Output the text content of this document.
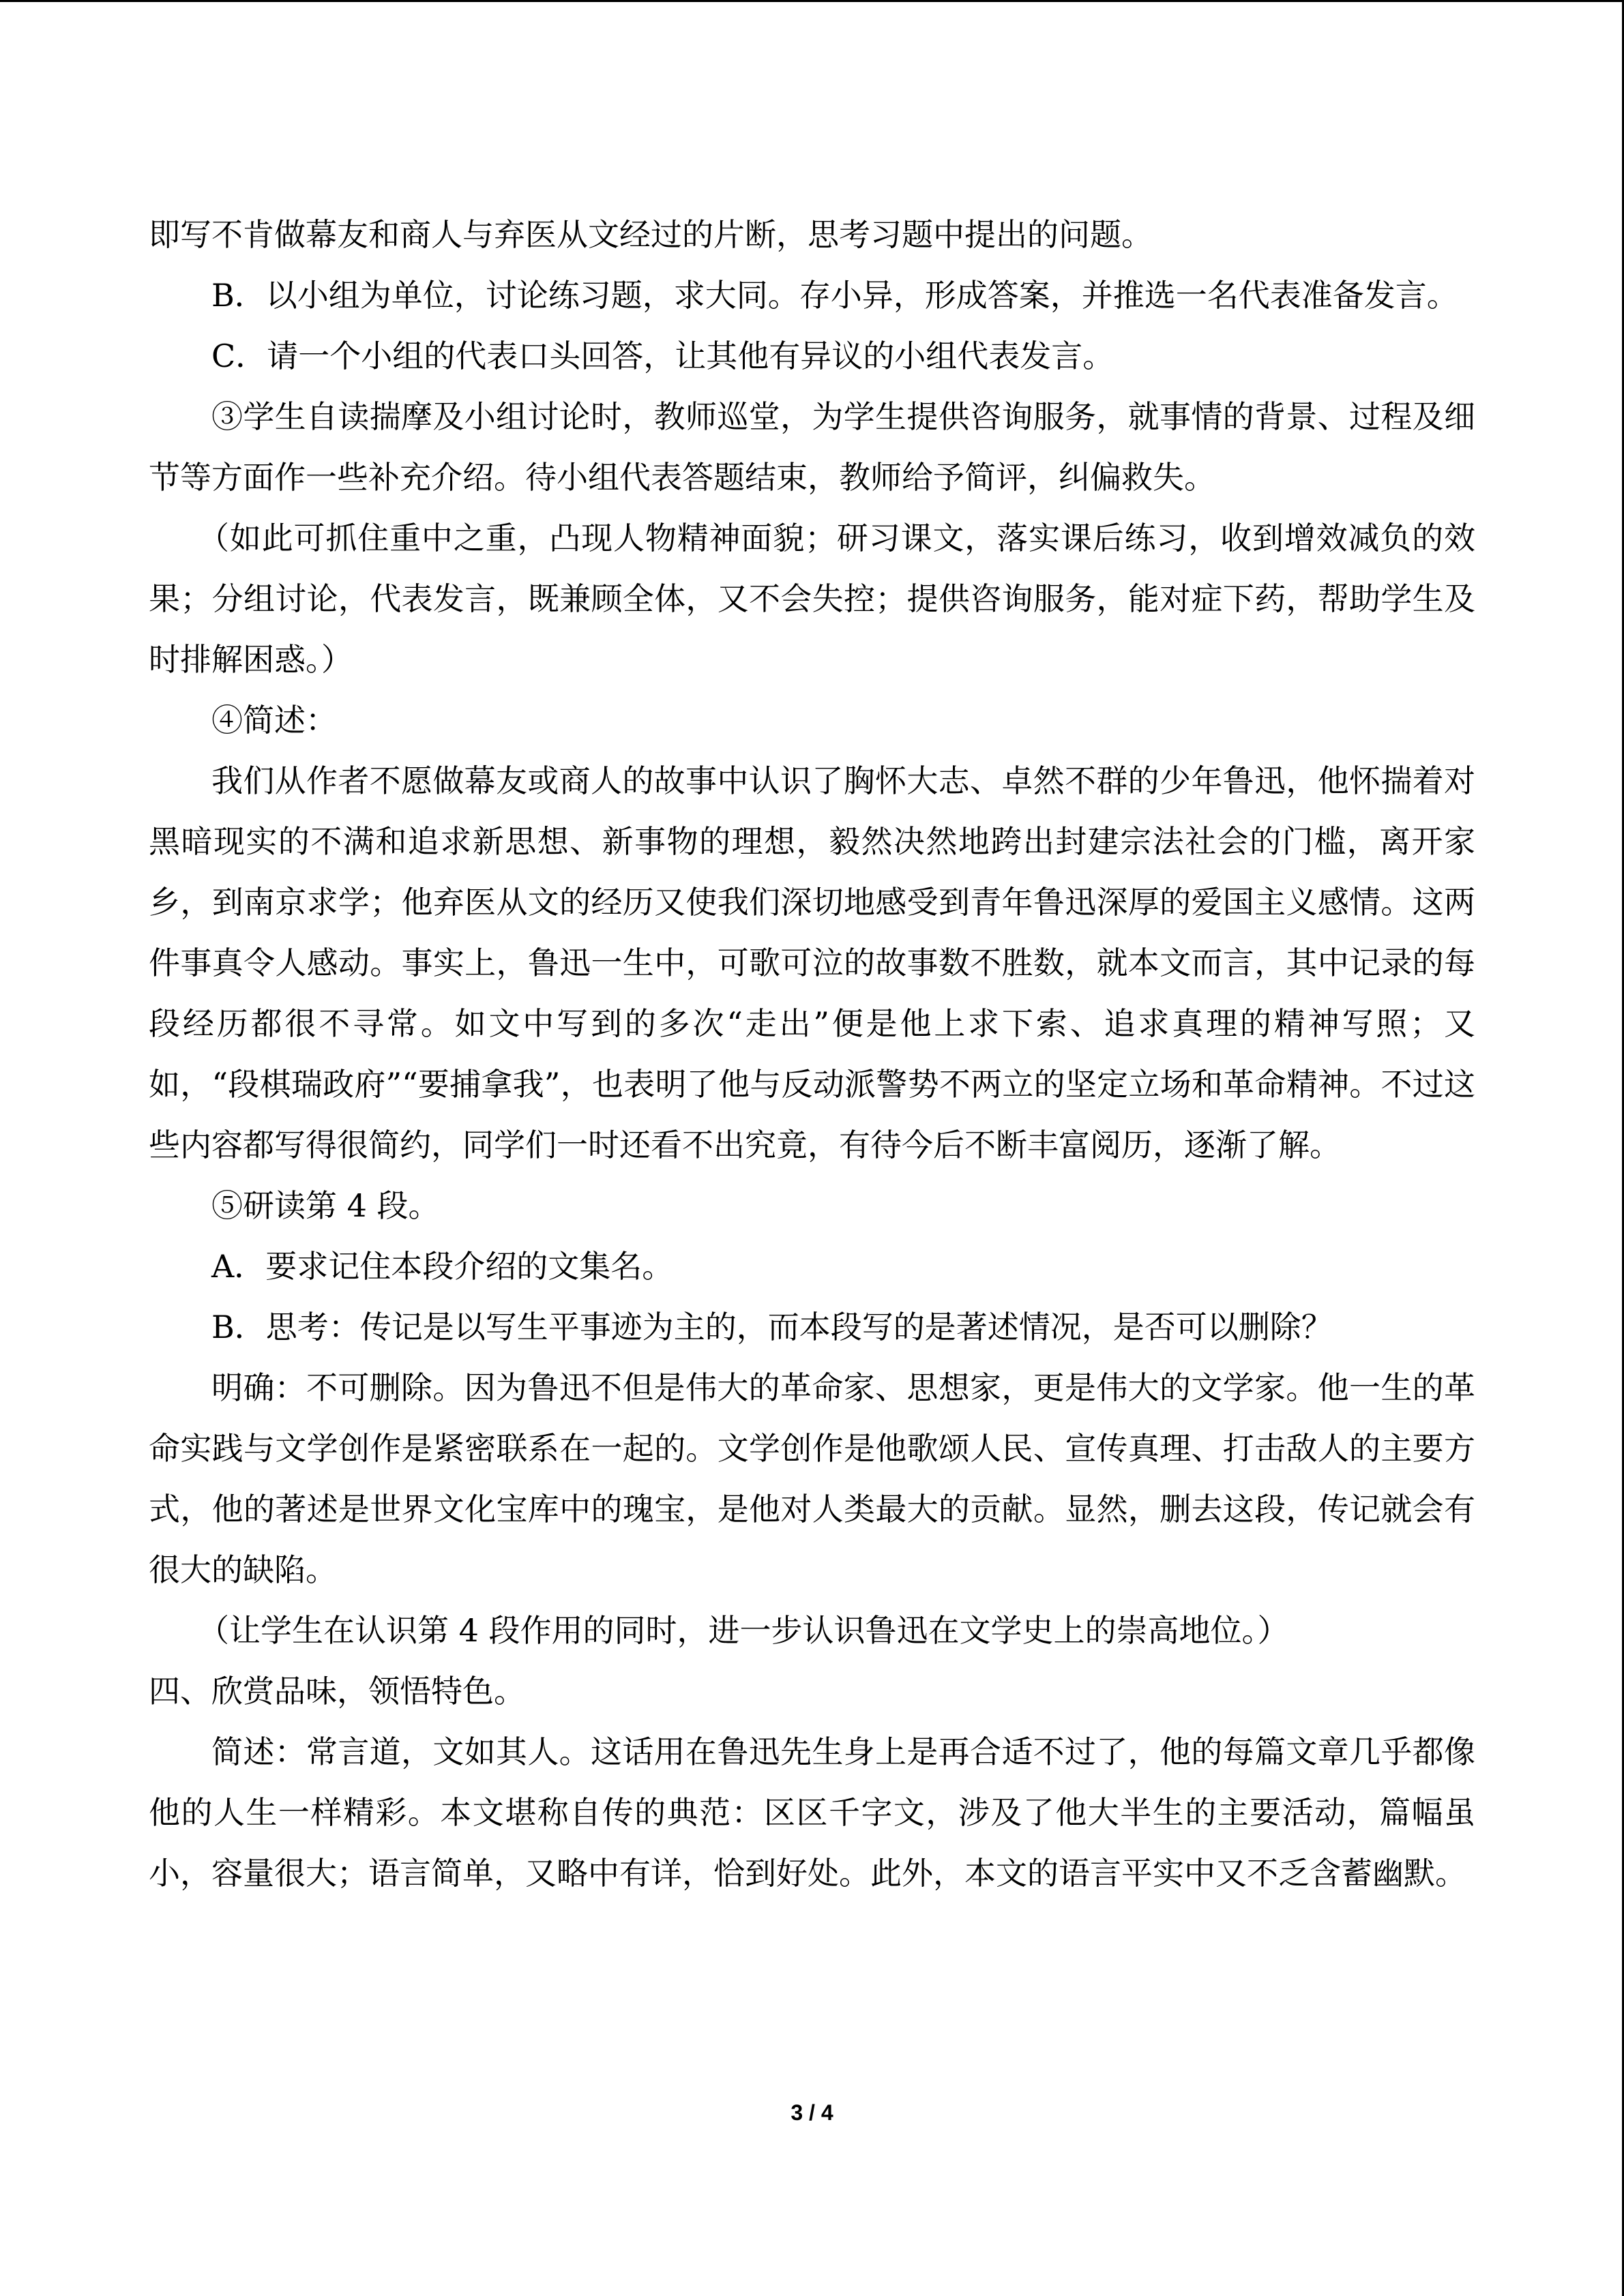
即写不肯做幕友和商人与弃医从文经过的片断，思考习题中提出的问题。

B．以小组为单位，讨论练习题，求大同。存小异，形成答案，并推选一名代表准备发言。

C．请一个小组的代表口头回答，让其他有异议的小组代表发言。

③学生自读揣摩及小组讨论时，教师巡堂，为学生提供咨询服务，就事情的背景、过程及细节等方面作一些补充介绍。待小组代表答题结束，教师给予简评，纠偏救失。

（如此可抓住重中之重，凸现人物精神面貌；研习课文，落实课后练习，收到增效减负的效果；分组讨论，代表发言，既兼顾全体，又不会失控；提供咨询服务，能对症下药，帮助学生及时排解困惑。）

④简述：

我们从作者不愿做幕友或商人的故事中认识了胸怀大志、卓然不群的少年鲁迅，他怀揣着对黑暗现实的不满和追求新思想、新事物的理想，毅然决然地跨出封建宗法社会的门槛，离开家乡，到南京求学；他弃医从文的经历又使我们深切地感受到青年鲁迅深厚的爱国主义感情。这两件事真令人感动。事实上，鲁迅一生中，可歌可泣的故事数不胜数，就本文而言，其中记录的每段经历都很不寻常。如文中写到的多次“走出”便是他上求下索、追求真理的精神写照；又如，“段棋瑞政府”“要捕拿我”，也表明了他与反动派警势不两立的坚定立场和革命精神。不过这些内容都写得很简约，同学们一时还看不出究竟，有待今后不断丰富阅历，逐渐了解。

⑤研读第 4 段。

A．要求记住本段介绍的文集名。

B．思考：传记是以写生平事迹为主的，而本段写的是著述情况，是否可以删除？

明确：不可删除。因为鲁迅不但是伟大的革命家、思想家，更是伟大的文学家。他一生的革命实践与文学创作是紧密联系在一起的。文学创作是他歌颂人民、宣传真理、打击敌人的主要方式，他的著述是世界文化宝库中的瑰宝，是他对人类最大的贡献。显然，删去这段，传记就会有很大的缺陷。

（让学生在认识第 4 段作用的同时，进一步认识鲁迅在文学史上的崇高地位。）

四、欣赏品味，领悟特色。

简述：常言道，文如其人。这话用在鲁迅先生身上是再合适不过了，他的每篇文章几乎都像他的人生一样精彩。本文堪称自传的典范：区区千字文，涉及了他大半生的主要活动，篇幅虽小，容量很大；语言简单，又略中有详，恰到好处。此外，本文的语言平实中又不乏含蓄幽默。

3 / 4
